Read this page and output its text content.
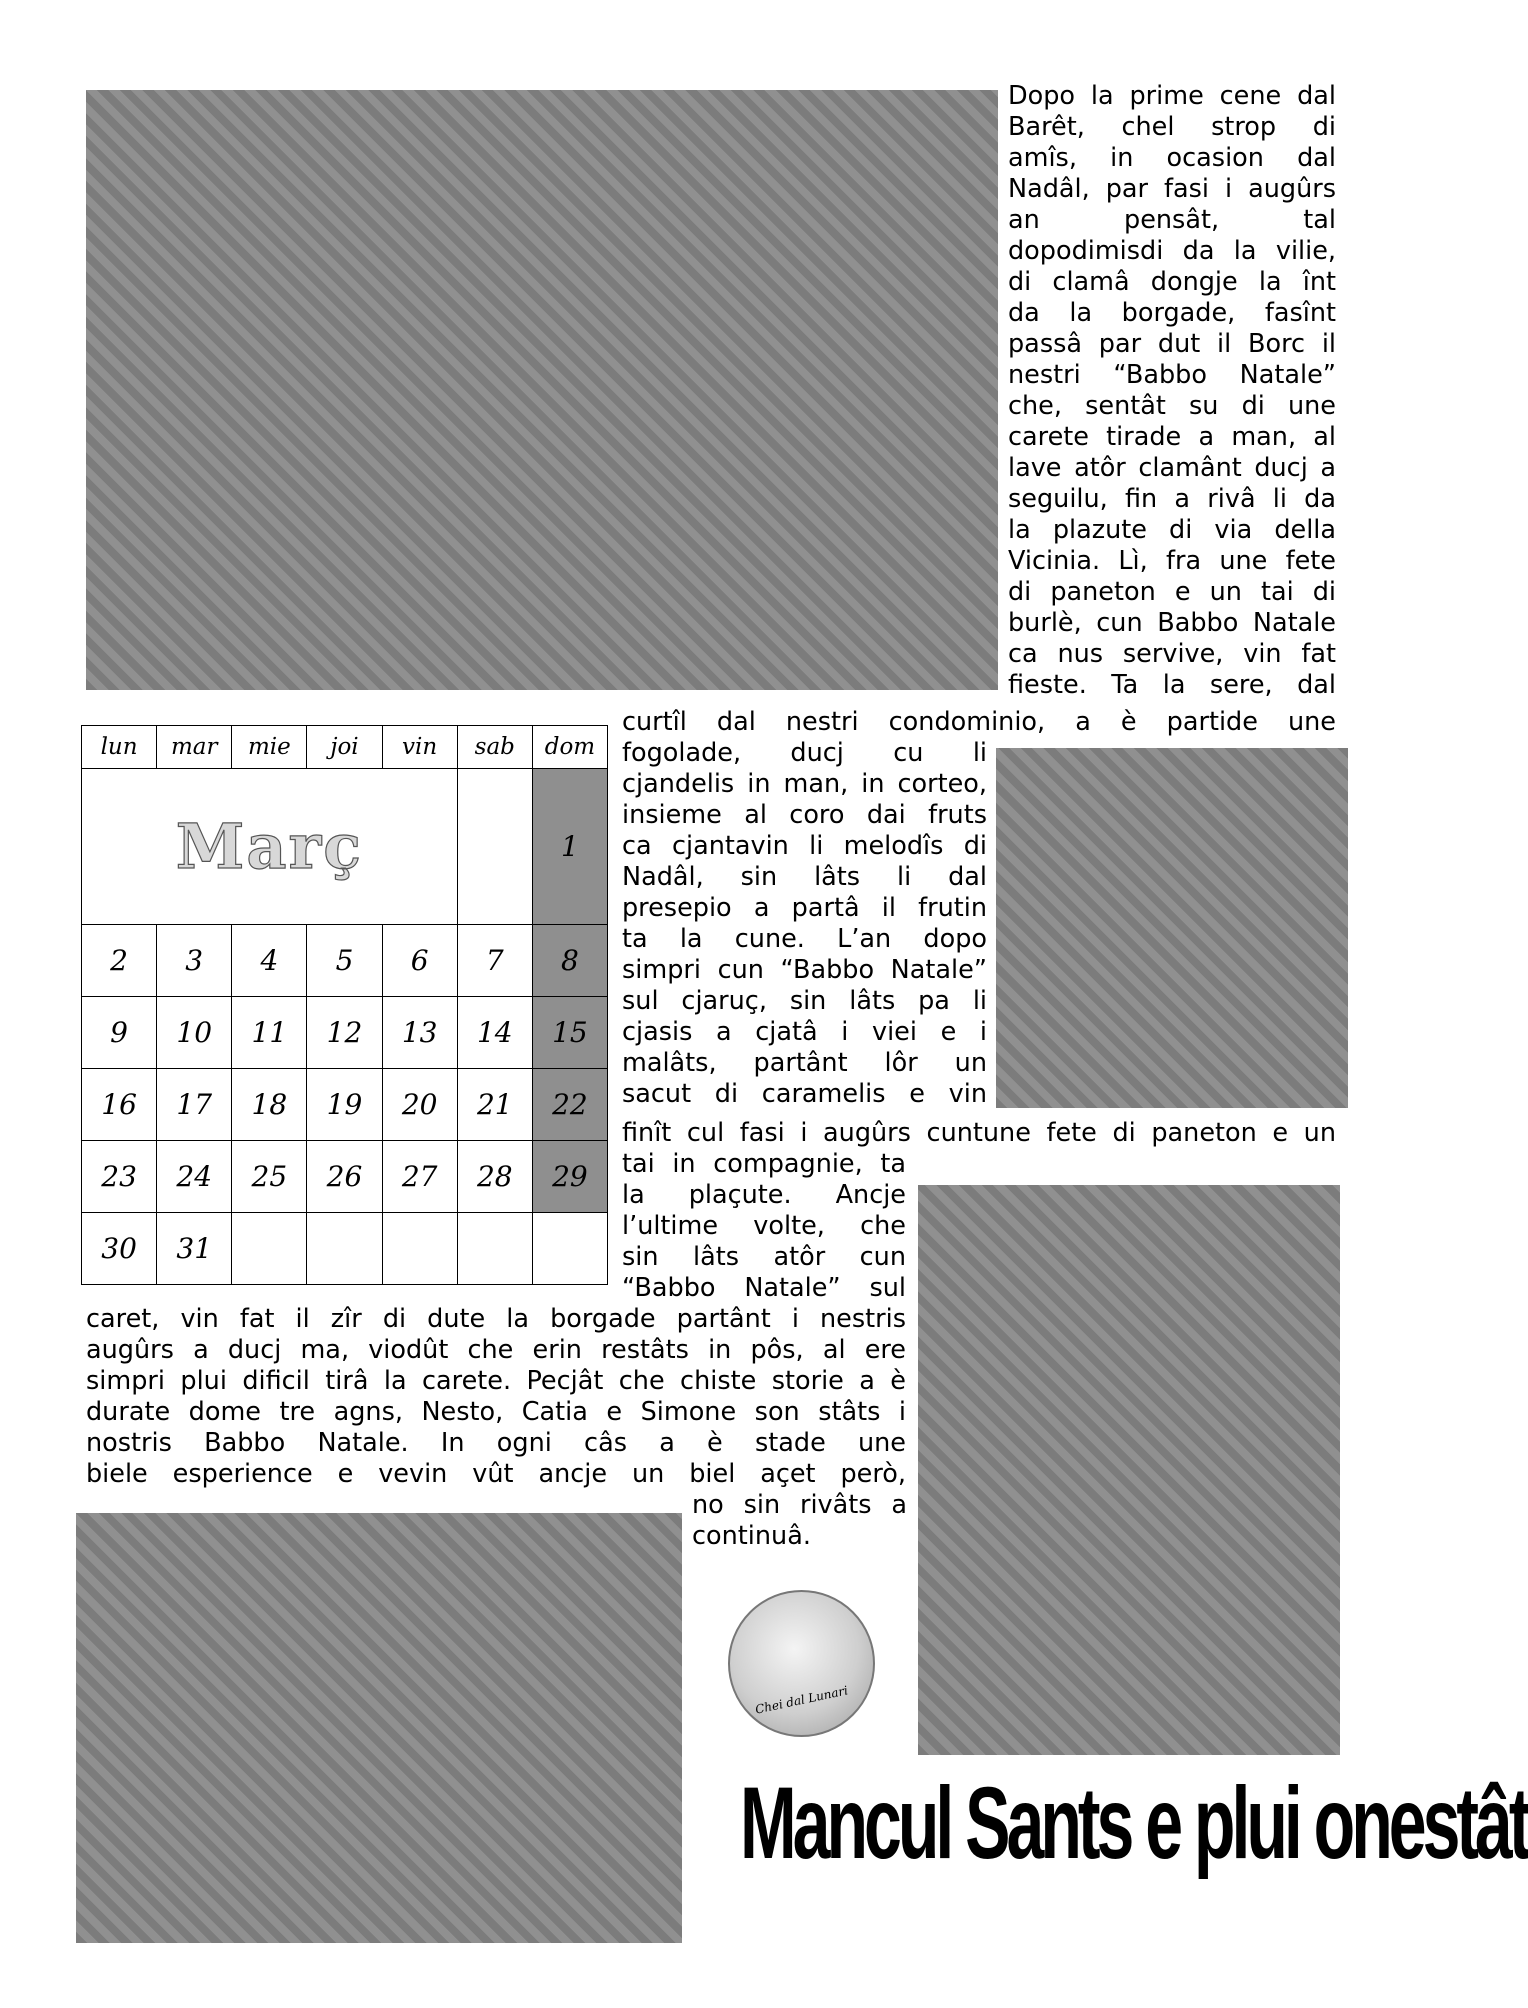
Chei dal Lunari
lun	mar	mie	joi	vin	sab	dom
Març						1
2	3	4	5	6	7	8
9	10	11	12	13	14	15
16	17	18	19	20	21	22
23	24	25	26	27	28	29
30	31					
Dopo la prime cene dal
Barêt, chel strop di
amîs, in ocasion dal
Nadâl, par fasi i augûrs
an pensât, tal
dopodimisdi da la vilie,
di clamâ dongje la înt
da la borgade, fasînt
passâ par dut il Borc il
nestri “Babbo Natale”
che, sentât su di une
carete tirade a man, al
lave atôr clamânt ducj a
seguilu, fin a rivâ li da
la plazute di via della
Vicinia. Lì, fra une fete
di paneton e un tai di
burlè, cun Babbo Natale
ca nus servive, vin fat
fieste. Ta la sere, dal
curtîl dal nestri condominio, a è partide une
fogolade, ducj cu li
cjandelis in man, in corteo,
insieme al coro dai fruts
ca cjantavin li melodîs di
Nadâl, sin lâts li dal
presepio a partâ il frutin
ta la cune. L’an dopo
simpri cun “Babbo Natale”
sul cjaruç, sin lâts pa li
cjasis a cjatâ i viei e i
malâts, partânt lôr un
sacut di caramelis e vin
finît cul fasi i augûrs cuntune fete di paneton e un
tai in compagnie, ta
la plaçute. Ancje
l’ultime volte, che
sin lâts atôr cun
“Babbo Natale” sul
caret, vin fat il zîr di dute la borgade partânt i nestris
augûrs a ducj ma, viodût che erin restâts in pôs, al ere
simpri plui dificil tirâ la carete. Pecjât che chiste storie a è
durate dome tre agns, Nesto, Catia e Simone son stâts i
nostris Babbo Natale. In ogni câs a è stade une
biele esperience e vevin vût ancje un biel açet però,
no sin rivâts a
continuâ.
Mancul Sants e plui onestât
